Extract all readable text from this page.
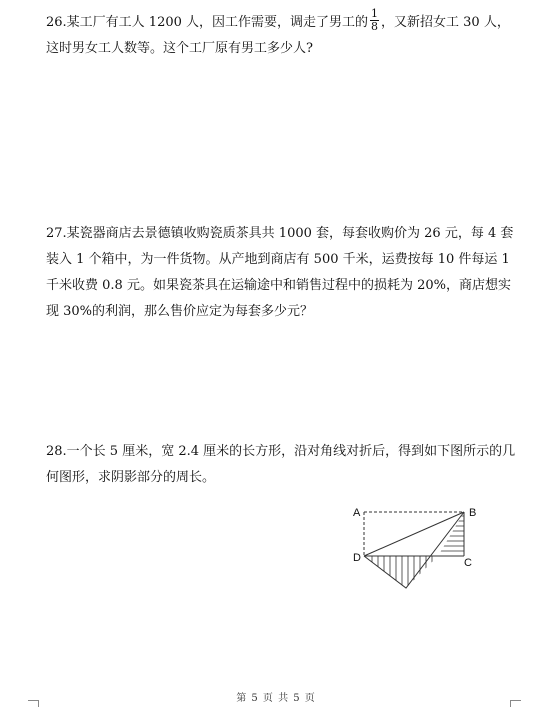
26.某工厂有工人 1200 人，因工作需要，调走了男工的 $\frac{1}{8}$ ，又新招女工 30 人，这时男女工人数等。这个工厂原有男工多少人?
27.某瓷器商店去景德镇收购瓷质茶具共 1000 套，每套收购价为 26 元，每 4 套装入 1 个箱中，为一件货物。从产地到商店有 500 千米，运费按每 10 件每运 1 千米收费 0.8 元。如果瓷茶具在运输途中和销售过程中的损耗为 20%，商店想实现 30%的利润，那么售价应定为每套多少元？
28.一个长 5 厘米，宽 2.4 厘米的长方形，沿对角线对折后，得到如下图所示的几何图形，求阴影部分的周长。
A	B
D	C
第 5 页 共 5 页
